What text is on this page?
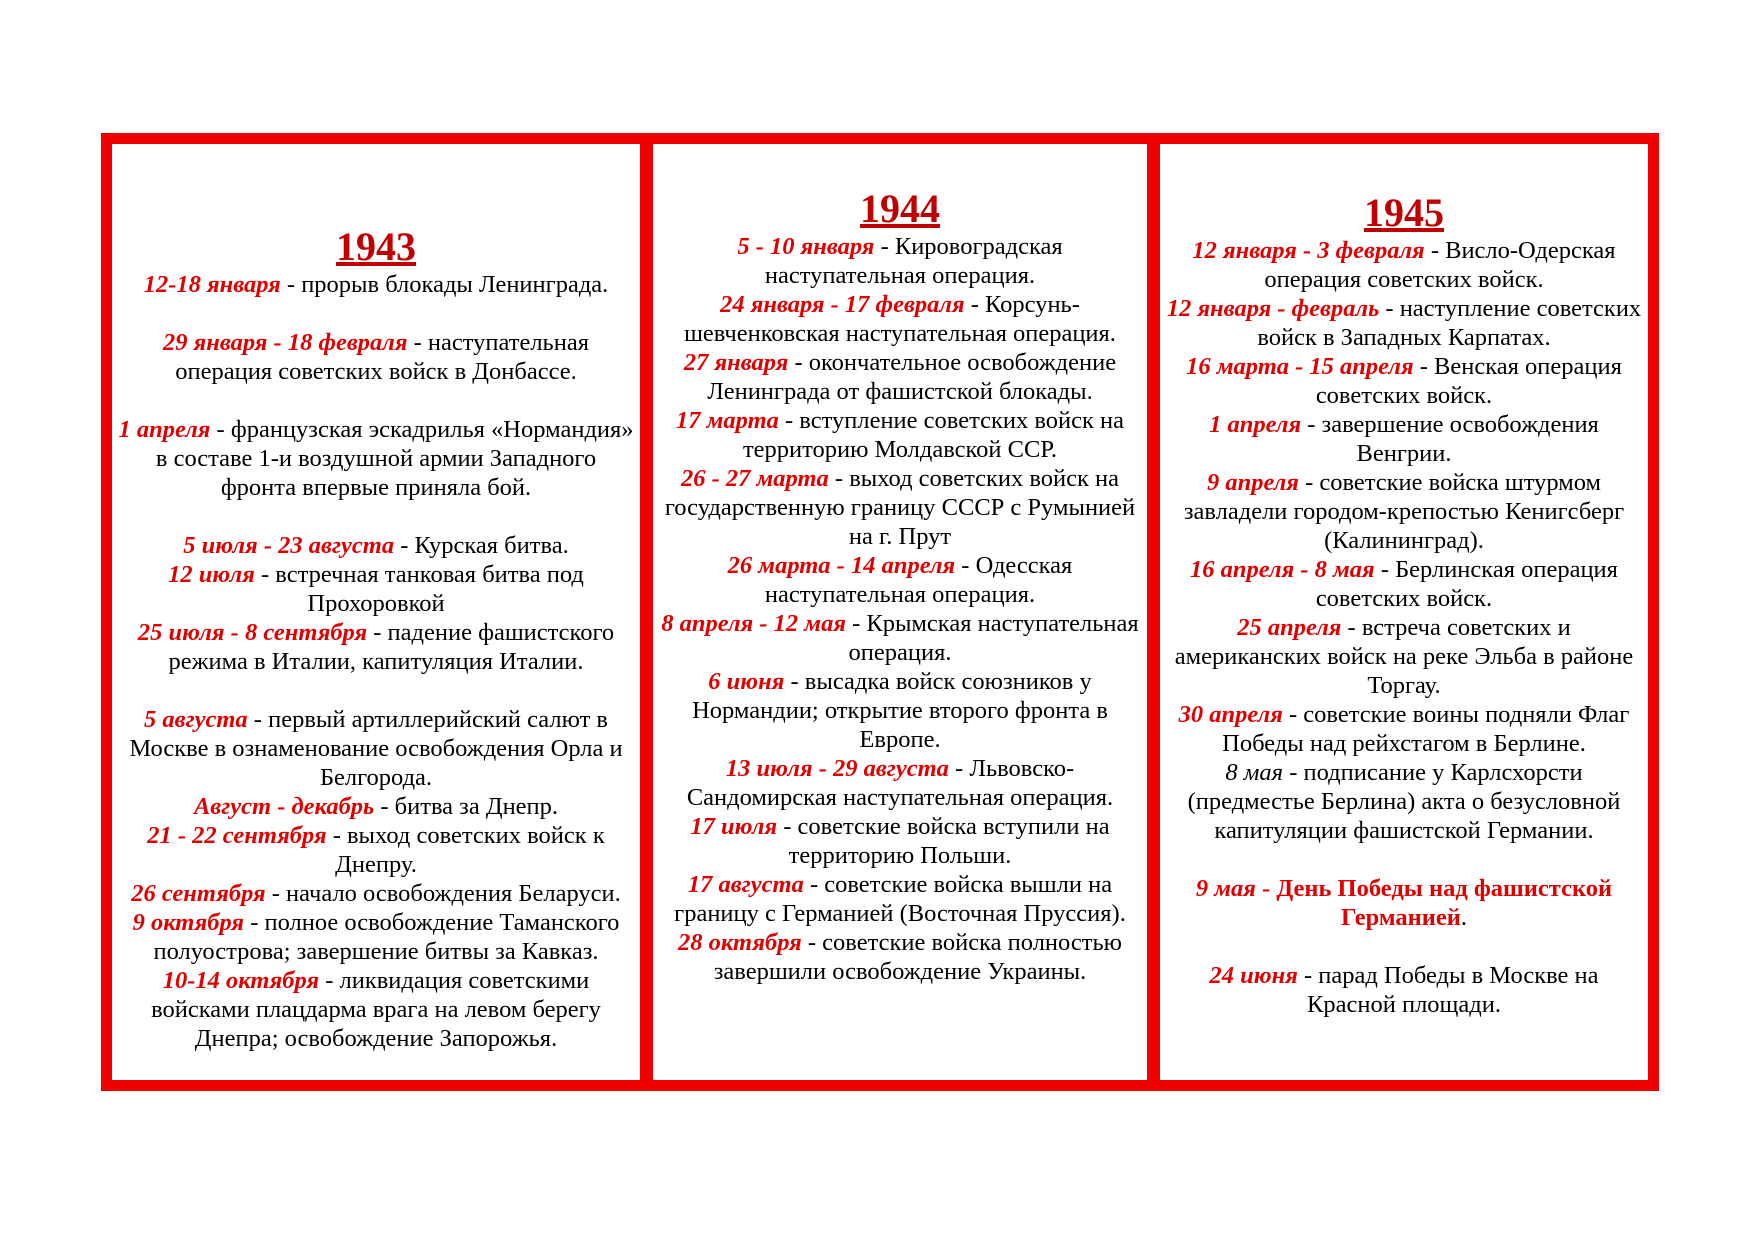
1943

12-18 января - прорыв блокады Ленинграда.

29 января - 18 февраля - наступательная операция советских войск в Донбассе.

1 апреля - французская эскадрилья «Нормандия» в составе 1-и воздушной армии Западного фронта впервые приняла бой.

5 июля - 23 августа - Курская битва.

12 июля - встречная танковая битва под Прохоровкой

25 июля - 8 сентября - падение фашистского режима в Италии, капитуляция Италии.

5 августа - первый артиллерийский салют в Москве в ознаменование освобождения Орла и Белгорода.

Август - декабрь - битва за Днепр.

21 - 22 сентября - выход советских войск к Днепру.

26 сентября - начало освобождения Беларуси.

9 октября - полное освобождение Таманского полуострова; завершение битвы за Кавказ.

10-14 октября - ликвидация советскими войсками плацдарма врага на левом берегу Днепра; освобождение Запорожья.

1944

5 - 10 января - Кировоградская наступательная операция.

24 января - 17 февраля - Корсунь-шевченковская наступательная операция.

27 января - окончательное освобождение Ленинграда от фашистской блокады.

17 марта - вступление советских войск на территорию Молдавской ССР.

26 - 27 марта - выход советских войск на государственную границу СССР с Румынией на г. Прут

26 марта - 14 апреля - Одесская наступательная операция.

8 апреля - 12 мая - Крымская наступательная операция.

6 июня - высадка войск союзников у Нормандии; открытие второго фронта в Европе.

13 июля - 29 августа - Львовско-Сандомирская наступательная операция.

17 июля - советские войска вступили на территорию Польши.

17 августа - советские войска вышли на границу с Германией (Восточная Пруссия).

28 октября - советские войска полностью завершили освобождение Украины.

1945

12 января - 3 февраля - Висло-Одерская операция советских войск.

12 января - февраль - наступление советских войск в Западных Карпатах.

16 марта - 15 апреля - Венская операция советских войск.

1 апреля - завершение освобождения Венгрии.

9 апреля - советские войска штурмом завладели городом-крепостью Кенигсберг (Калининград).

16 апреля - 8 мая - Берлинская операция советских войск.

25 апреля - встреча советских и американских войск на реке Эльба в районе Торгау.

30 апреля - советские воины подняли Флаг Победы над рейхстагом в Берлине.

8 мая - подписание у Карлсхорсти (предместье Берлина) акта о безусловной капитуляции фашистской Германии.

9 мая - День Победы над фашистской Германией.

24 июня - парад Победы в Москве на Красной площади.
